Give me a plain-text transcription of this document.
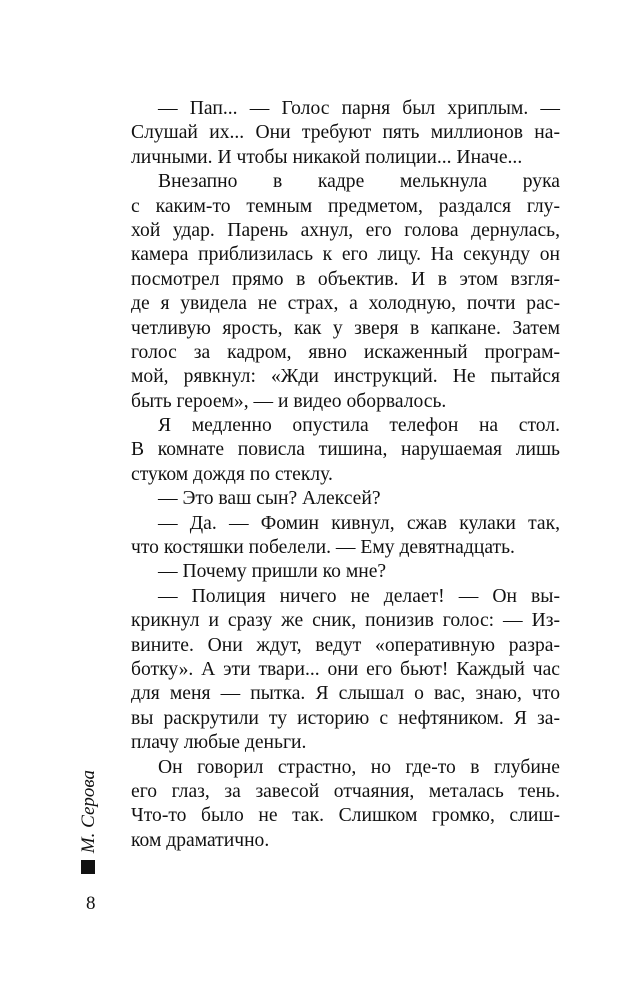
— Пап... — Голос парня был хриплым. —
Слушай их... Они требуют пять миллионов на-
личными. И чтобы никакой полиции... Иначе...
Внезапно в кадре мелькнула рука
с каким-то темным предметом, раздался глу-
хой удар. Парень ахнул, его голова дернулась,
камера приблизилась к его лицу. На секунду он
посмотрел прямо в объектив. И в этом взгля-
де я увидела не страх, а холодную, почти рас-
четливую ярость, как у зверя в капкане. Затем
голос за кадром, явно искаженный програм-
мой, рявкнул: «Жди инструкций. Не пытайся
быть героем», — и видео оборвалось.
Я медленно опустила телефон на стол.
В комнате повисла тишина, нарушаемая лишь
стуком дождя по стеклу.
— Это ваш сын? Алексей?
— Да. — Фомин кивнул, сжав кулаки так,
что костяшки побелели. — Ему девятнадцать.
— Почему пришли ко мне?
— Полиция ничего не делает! — Он вы-
крикнул и сразу же сник, понизив голос: — Из-
вините. Они ждут, ведут «оперативную разра-
ботку». А эти твари... они его бьют! Каждый час
для меня — пытка. Я слышал о вас, знаю, что
вы раскрутили ту историю с нефтяником. Я за-
плачу любые деньги.
Он говорил страстно, но где-то в глубине
его глаз, за завесой отчаяния, металась тень.
Что-то было не так. Слишком громко, слиш-
ком драматично.
М. Серова
8
